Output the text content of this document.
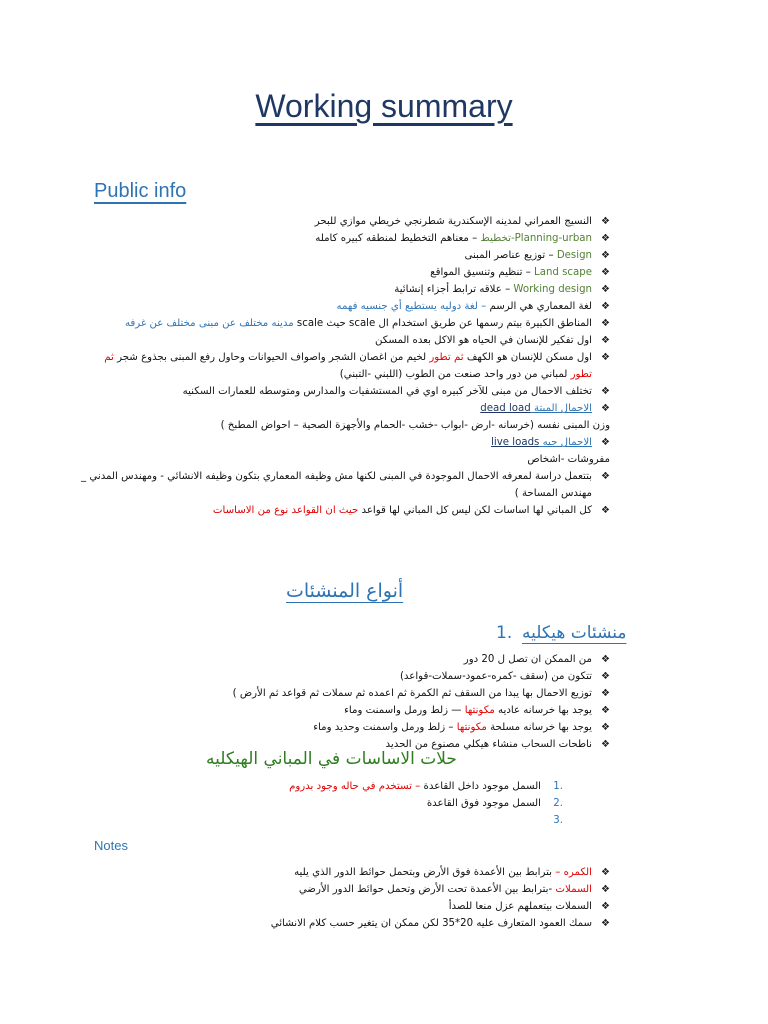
Working summary
Public info
❖
النسيج العمراني لمدينه الإسكندرية شطرنجي خريطي موازي للبحر
❖
Planning-urban-تخطيط – معناهم التخطيط لمنطقه كبيره كامله
❖
Design – توزيع عناصر المبنى
❖
Land scape – تنظيم وتنسيق المواقع
❖
Working design – علاقه ترابط أجزاء إنشائية
❖
لغة المعماري هي الرسم – لغة دوليه يستطيع أي جنسيه فهمه
❖
المناطق الكبيرة بيتم رسمها عن طريق استخدام ال scale حيث scale مدينه مختلف عن مبنى مختلف عن غرفه
❖
اول تفكير للإنسان في الحياه هو الاكل بعده المسكن
❖
اول مسكن للإنسان هو الكهف ثم تطور لخيم من اغصان الشجر واصواف الحيوانات وحاول رفع المبنى بجذوع شجر ثم تطور لمباني من دور واحد صنعت من الطوب (اللبني -التبني)
❖
تختلف الاحمال من مبنى للآخر كبيره اوي في المستشفيات والمدارس ومتوسطه للعمارات السكنيه
❖
الاحمال الميتة dead load
وزن المبنى نفسه (خرسانه -ارض -ابواب -خشب -الحمام والأجهزة الصحية – احواض المطبخ )
❖
الاحمال حيه live loads
مفروشات -اشخاص
❖
بتتعمل دراسة لمعرفه الاحمال الموجودة في المبنى لكنها مش وظيفه المعماري بتكون وظيفه الانشائي - ومهندس المدني _ مهندس المساحة )
❖
كل المباني لها اساسات لكن ليس كل المباني لها قواعد حيث ان القواعد نوع من الاساسات
أنواع المنشئات
1. منشئات هيكليه
❖
من الممكن ان تصل ل 20 دور
❖
تتكون من (سقف -كمره-عمود-سملات-قواعد)
❖
توزيع الاحمال بها يبدا من السقف ثم الكمرة ثم اعمده ثم سملات ثم قواعد ثم الأرض )
❖
يوجد بها خرسانه عاديه مكونتها — زلط ورمل واسمنت وماء
❖
يوجد بها خرسانه مسلحة مكونتها – زلط ورمل واسمنت وحديد وماء
❖
ناطحات السحاب منشاء هيكلي مصنوع من الحديد
حلات الاساسات في المباني الهيكليه
1.
السمل موجود داخل القاعدة – تستخدم في حاله وجود بدروم
2.
السمل موجود فوق القاعدة
3.

Notes
❖
الكمره – بترابط بين الأعمدة فوق الأرض وبتحمل حوائط الدور الذي يليه
❖
السملات -بترابط بين الأعمدة تحت الأرض وتحمل حوائط الدور الأرضي
❖
السملات بيتعملهم عزل منعا للصدأ
❖
سمك العمود المتعارف عليه 20*35 لكن ممكن ان يتغير حسب كلام الانشائي
